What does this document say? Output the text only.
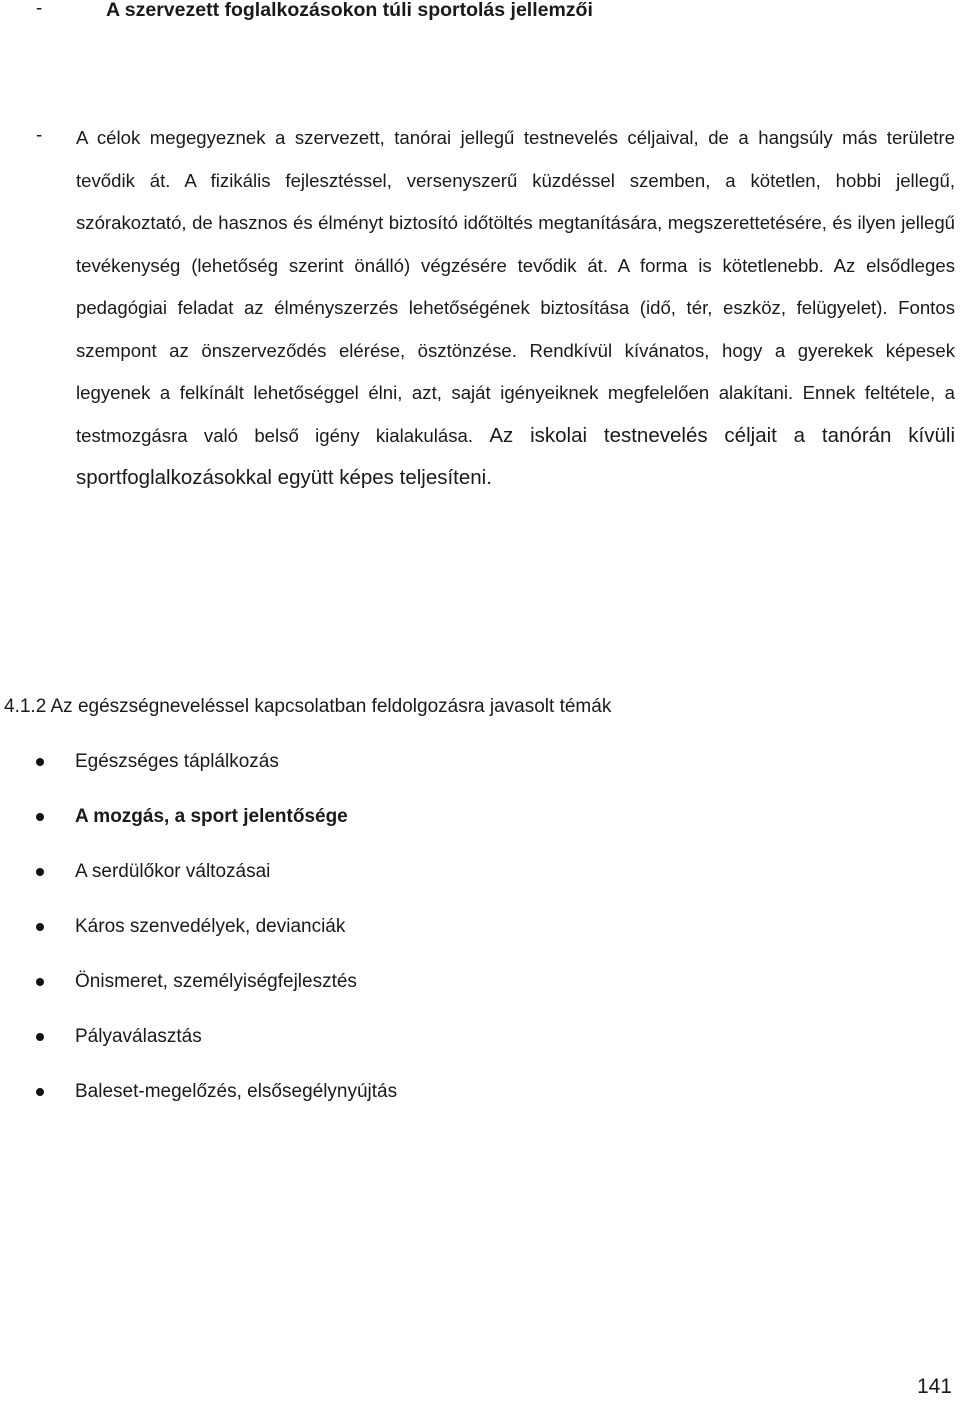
-	A szervezett foglalkozásokon túli sportolás jellemzői
- A célok megegyeznek a szervezett, tanórai jellegű testnevelés céljaival, de a hangsúly más területre tevődik át. A fizikális fejlesztéssel, versenyszerű küzdéssel szemben, a kötetlen, hobbi jellegű, szórakoztató, de hasznos és élményt biztosító időtöltés megtanítására, megszerettetésére, és ilyen jellegű tevékenység (lehetőség szerint önálló) végzésére tevődik át. A forma is kötetlenebb. Az elsődleges pedagógiai feladat az élményszerzés lehetőségének biztosítása (idő, tér, eszköz, felügyelet). Fontos szempont az önszerveződés elérése, ösztönzése. Rendkívül kívánatos, hogy a gyerekek képesek legyenek a felkínált lehetőséggel élni, azt, saját igényeiknek megfelelően alakítani. Ennek feltétele, a testmozgásra való belső igény kialakulása. Az iskolai testnevelés céljait a tanórán kívüli sportfoglalkozásokkal együtt képes teljesíteni.

4.1.2 Az egészségneveléssel kapcsolatban feldolgozásra javasolt témák
Egészséges táplálkozás
A mozgás, a sport jelentősége
A serdülőkor változásai
Káros szenvedélyek, devianciák
Önismeret, személyiségfejlesztés
Pályaválasztás
Baleset-megelőzés, elsősegélynyújtás
141
